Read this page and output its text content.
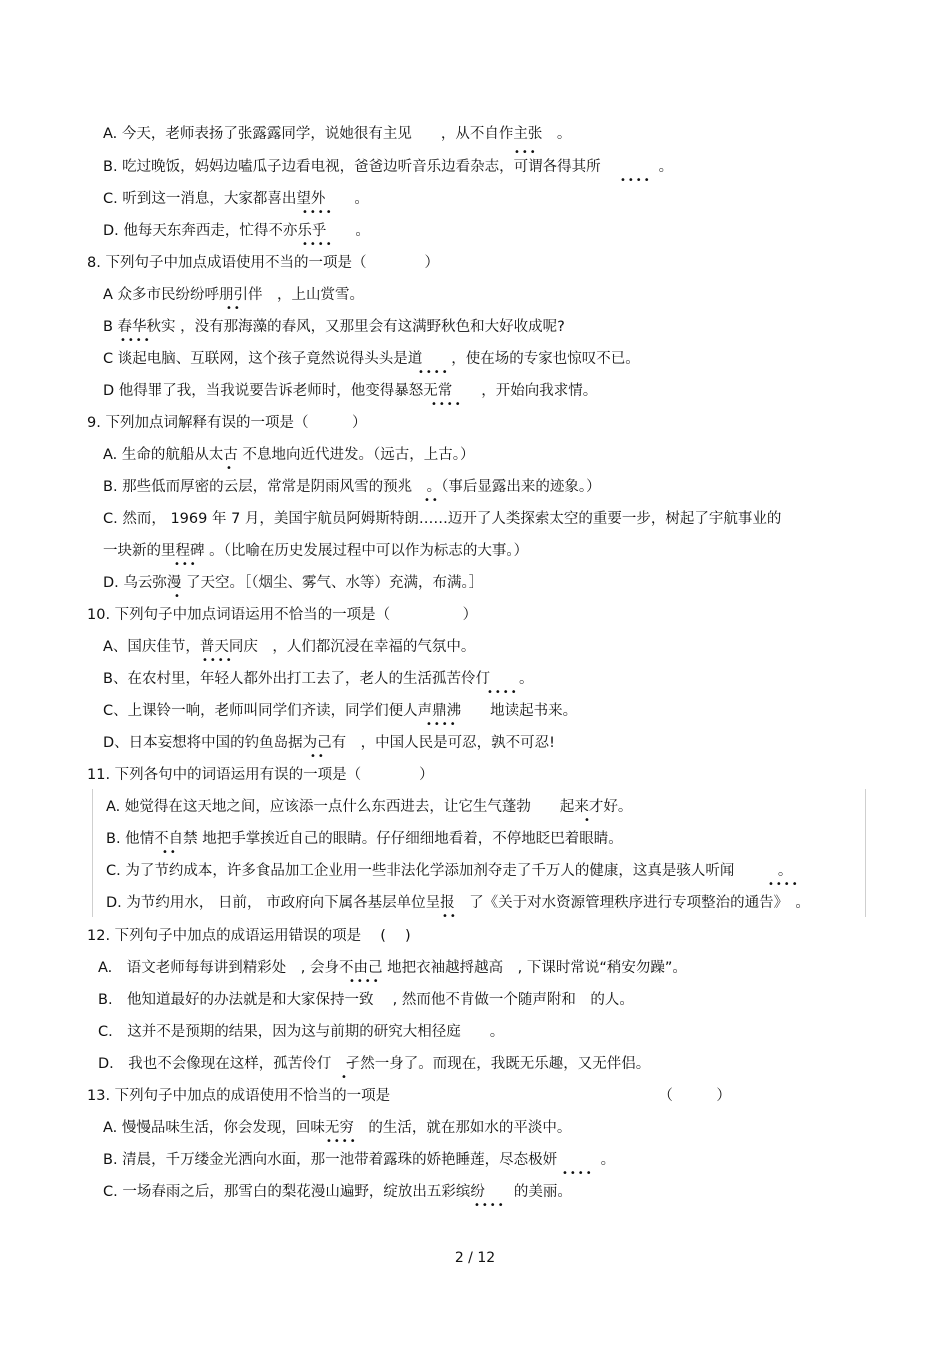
A. 今天，老师表扬了张露露同学，说她很有主见　　，从不自作主张　。
B. 吃过晚饭，妈妈边嗑瓜子边看电视，爸爸边听音乐边看杂志，可谓各得其所　　　　。
C. 听到这一消息，大家都喜出望外　　。
D. 他每天东奔西走，忙得不亦乐乎　　。
8. 下列句子中加点成语使用不当的一项是（　　　　）
A 众多市民纷纷呼朋引伴　，上山赏雪。
B 春华秋实 ，没有那海藻的春风，又那里会有这满野秋色和大好收成呢?
C 谈起电脑、互联网，这个孩子竟然说得头头是道　　，使在场的专家也惊叹不已。
D 他得罪了我，当我说要告诉老师时，他变得暴怒无常　　，开始向我求情。
9. 下列加点词解释有误的一项是（　　　）
A. 生命的航船从太古 不息地向近代进发。（远古，上古。）
B. 那些低而厚密的云层，常常是阴雨风雪的预兆　。（事后显露出来的迹象。）
C. 然而， 1969 年 7 月，美国宇航员阿姆斯特朗……迈开了人类探索太空的重要一步，树起了宇航事业的
一块新的里程碑 。（比喻在历史发展过程中可以作为标志的大事。）
D. 乌云弥漫 了天空。［（烟尘、雾气、水等）充满，布满。］
10. 下列句子中加点词语运用不恰当的一项是（　　　　　）
A、国庆佳节，普天同庆　，人们都沉浸在幸福的气氛中。
B、在农村里，年轻人都外出打工去了，老人的生活孤苦伶仃　　。
C、上课铃一响，老师叫同学们齐读，同学们便人声鼎沸　　地读起书来。
D、日本妄想将中国的钓鱼岛据为己有　，中国人民是可忍，孰不可忍!
11. 下列各句中的词语运用有误的一项是（　　　　）
A. 她觉得在这天地之间，应该添一点什么东西进去，让它生气蓬勃　　起来才好。
B. 他情不自禁 地把手掌挨近自己的眼睛。仔仔细细地看着，不停地眨巴着眼睛。
C. 为了节约成本，许多食品加工企业用一些非法化学添加剂夺走了千万人的健康，这真是骇人听闻　　　。
D. 为节约用水， 日前， 市政府向下属各基层单位呈报　了《关于对水资源管理秩序进行专项整治的通告》　。
12. 下列句子中加点的成语运用错误的项是　 (　 )
A.　语文老师每每讲到精彩处　, 会身不由己 地把衣袖越捋越高　, 下课时常说“稍安勿躁”。
B.　他知道最好的办法就是和大家保持一致　 , 然而他不肯做一个随声附和　的人。
C.　这并不是预期的结果，因为这与前期的研究大相径庭　　。
D.　我也不会像现在这样，孤苦伶仃　孑然一身了。而现在，我既无乐趣，又无伴侣。
13. 下列句子中加点的成语使用不恰当的一项是　　　　　　　　　　　　　　　　　　　（　　　）
A. 慢慢品味生活，你会发现，回味无穷　的生活，就在那如水的平淡中。
B. 清晨，千万缕金光洒向水面，那一池带着露珠的娇艳睡莲，尽态极妍　　　。
C. 一场春雨之后，那雪白的梨花漫山遍野，绽放出五彩缤纷　　的美丽。
•••
••••
••••
••••
••
••••
••••
••••
•
••
•••
•
••••
••••
••••
••
•
••
••••
••
••••
•
••••
••••
••••
2 / 12
